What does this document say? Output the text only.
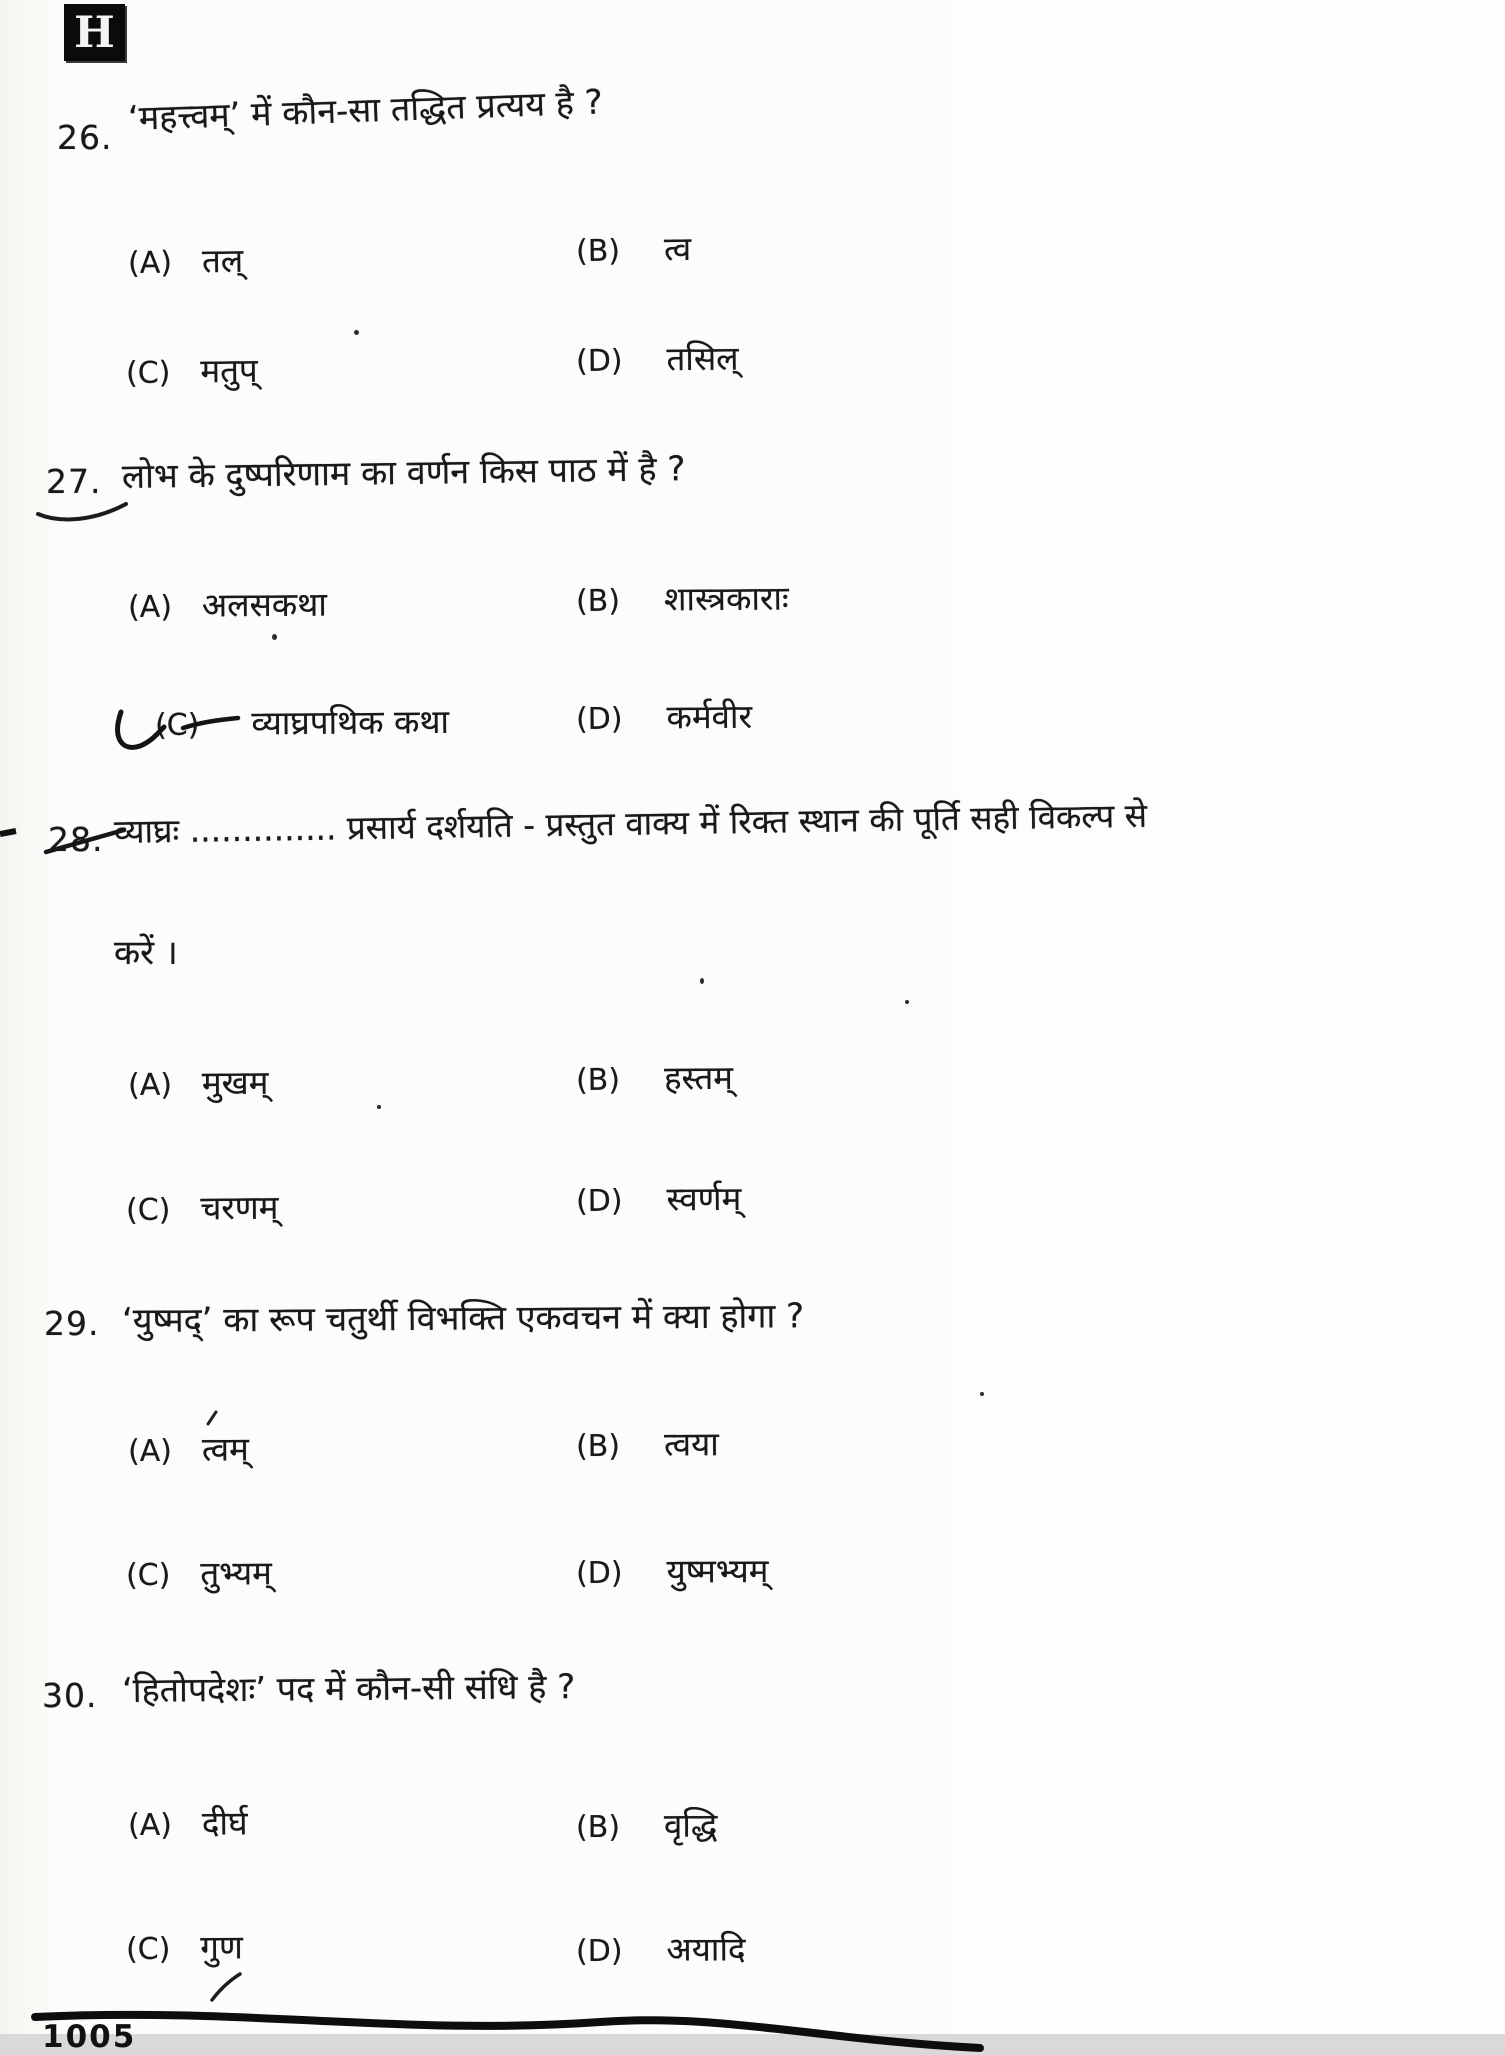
H
26. ‘महत्त्वम्’ में कौन-सा तद्धित प्रत्यय है ?
(A) तल्	(B) त्व
(C) मतुप्	(D) तसिल्
27. लोभ के दुष्परिणाम का वर्णन किस पाठ में है ?
(A) अलसकथा	(B) शास्त्रकाराः
(C) व्याघ्रपथिक कथा	(D) कर्मवीर
28. व्याघ्रः .............. प्रसार्य दर्शयति - प्रस्तुत वाक्य में रिक्त स्थान की पूर्ति सही विकल्प से
करें ।
(A) मुखम्	(B) हस्तम्
(C) चरणम्	(D) स्वर्णम्
29. ‘युष्मद्’ का रूप चतुर्थी विभक्ति एकवचन में क्या होगा ?
(A) त्वम्	(B) त्वया
(C) तुभ्यम्	(D) युष्मभ्यम्
30. ‘हितोपदेशः’ पद में कौन-सी संधि है ?
(A) दीर्घ	(B) वृद्धि
(C) गुण	(D) अयादि
1005
